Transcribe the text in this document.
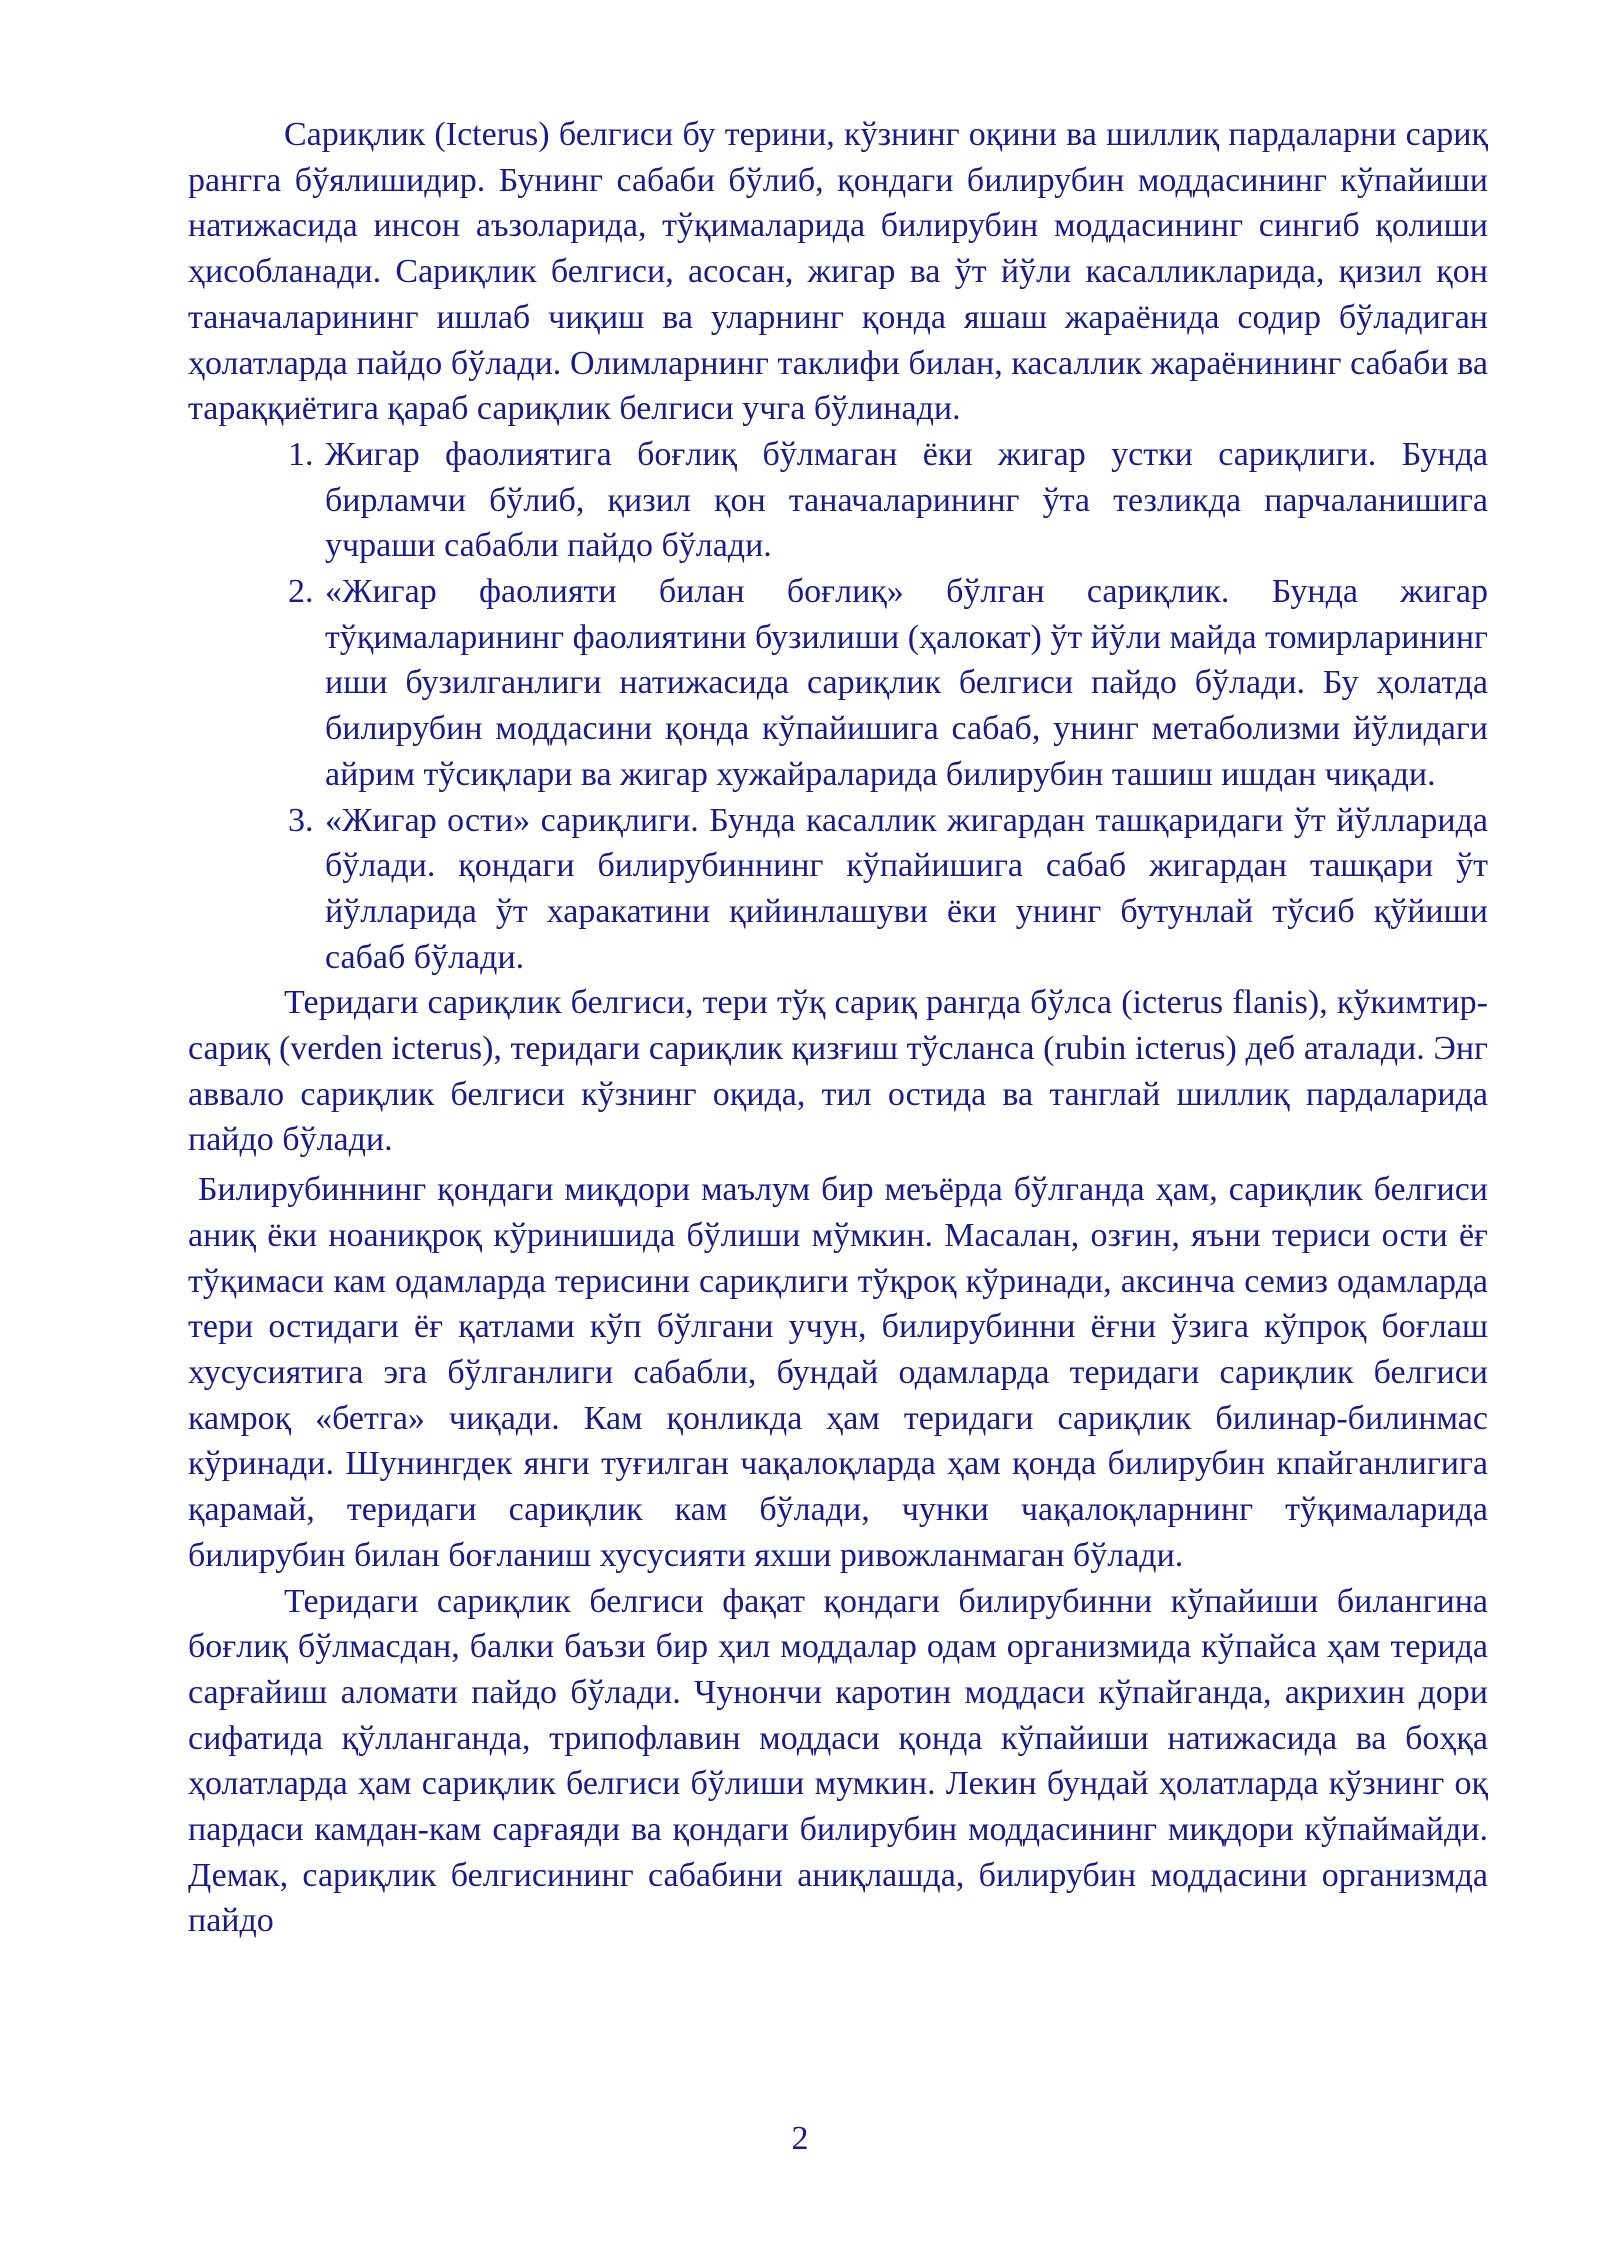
Сариқлик (Icterus) белгиси бу терини, кўзнинг оқини ва шиллиқ пардаларни сариқ рангга бўялишидир. Бунинг сабаби бўлиб, қондаги билирубин моддасининг кўпайиши натижасида инсон аъзоларида, тўқималарида билирубин моддасининг сингиб қолиши ҳисобланади. Сариқлик белгиси, асосан, жигар ва ўт йўли касалликларида, қизил қон таначаларининг ишлаб чиқиш ва уларнинг қонда яшаш жараёнида содир бўладиган ҳолатларда пайдо бўлади. Олимларнинг таклифи билан, касаллик жараёнининг сабаби ва тараққиётига қараб сариқлик белгиси учга бўлинади.

1. Жигар фаолиятига боғлиқ бўлмаган ёки жигар устки сариқлиги. Бунда бирламчи бўлиб, қизил қон таначаларининг ўта тезликда парчаланишига учраши сабабли пайдо бўлади.
2. «Жигар фаолияти билан боғлиқ» бўлган сариқлик. Бунда жигар тўқималарининг фаолиятини бузилиши (ҳалокат) ўт йўли майда томирларининг иши бузилганлиги натижасида сариқлик белгиси пайдо бўлади. Бу ҳолатда билирубин моддасини қонда кўпайишига сабаб, унинг метаболизми йўлидаги айрим тўсиқлари ва жигар хужайраларида билирубин ташиш ишдан чиқади.
3. «Жигар ости» сариқлиги. Бунда касаллик жигардан ташқаридаги ўт йўлларида бўлади. қондаги билирубиннинг кўпайишига сабаб жигардан ташқари ўт йўлларида ўт харакатини қийинлашуви ёки унинг бутунлай тўсиб қўйиши сабаб бўлади.

Теридаги сариқлик белгиси, тери тўқ сариқ рангда бўлса (icterus flanis), кўкимтир-сариқ (verden icterus), теридаги сариқлик қизғиш тўсланса (rubin icterus) деб аталади. Энг аввало сариқлик белгиси кўзнинг оқида, тил остида ва танглай шиллиқ пардаларида пайдо бўлади.

Билирубиннинг қондаги миқдори маълум бир меъёрда бўлганда ҳам, сариқлик белгиси аниқ ёки ноаниқроқ кўринишида бўлиши мўмкин. Масалан, озғин, яъни териси ости ёғ тўқимаси кам одамларда терисини сариқлиги тўқроқ кўринади, аксинча семиз одамларда тери остидаги ёғ қатлами кўп бўлгани учун, билирубинни ёғни ўзига кўпроқ боғлаш хусусиятига эга бўлганлиги сабабли, бундай одамларда теридаги сариқлик белгиси камроқ «бетга» чиқади. Кам қонликда ҳам теридаги сариқлик билинар-билинмас кўринади. Шунингдек янги туғилган чақалоқларда ҳам қонда билирубин кпайганлигига қарамай, теридаги сариқлик кам бўлади, чунки чақалоқларнинг тўқималарида билирубин билан боғланиш хусусияти яхши ривожланмаган бўлади.

Теридаги сариқлик белгиси фақат қондаги билирубинни кўпайиши билангина боғлиқ бўлмасдан, балки баъзи бир ҳил моддалар одам организмида кўпайса ҳам терида сарғайиш аломати пайдо бўлади. Чунончи каротин моддаси кўпайганда, акрихин дори сифатида қўлланганда, трипофлавин моддаси қонда кўпайиши натижасида ва боҳқа ҳолатларда ҳам сариқлик белгиси бўлиши мумкин. Лекин бундай ҳолатларда кўзнинг оқ пардаси камдан-кам сарғаяди ва қондаги билирубин моддасининг миқдори кўпаймайди. Демак, сариқлик белгисининг сабабини аниқлашда, билирубин моддасини организмда пайдо

2
